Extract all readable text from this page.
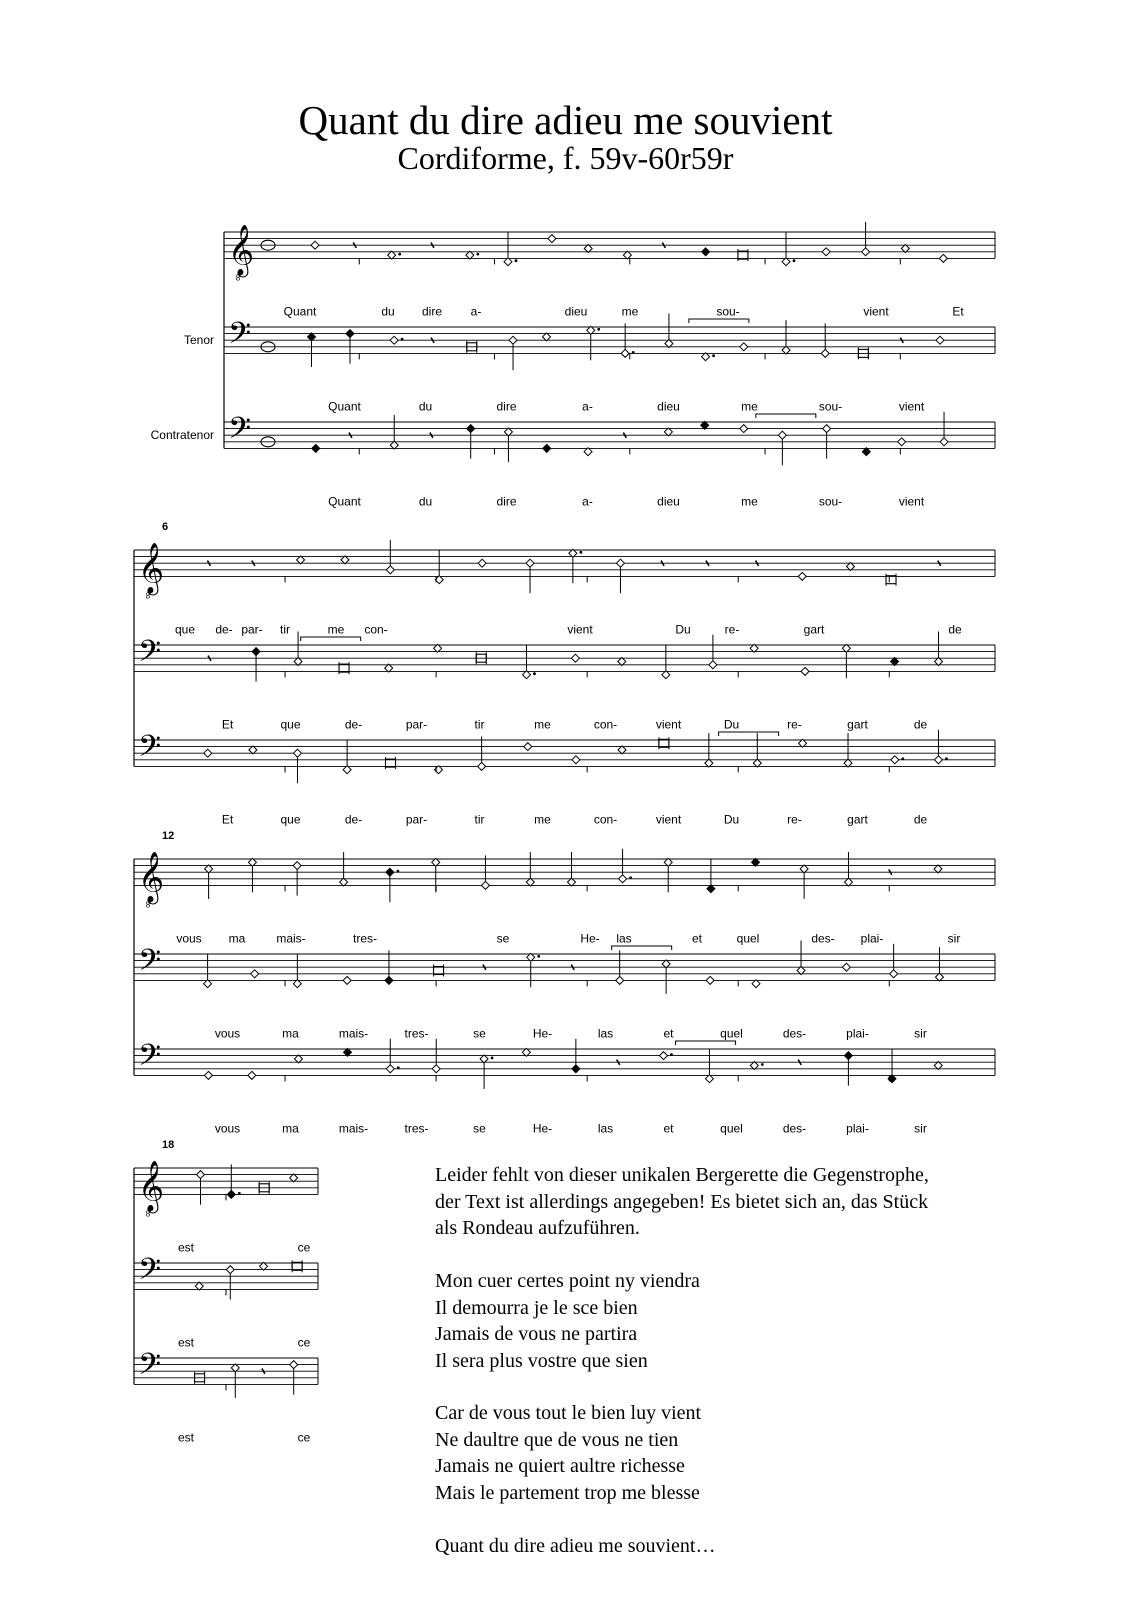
Quant du dire adieu me souvient
Cordiforme, f. 59v-60r59r
𝄞
𝄢
𝄢
8
Quant	du dire a-	dieu	me	sou-	vient	Et
Quant	du	dire	a-	dieu	me	sou-	vient
Quant	du	dire	a-	dieu	me	sou-	vient
Tenor
Contratenor
𝄞
𝄢
𝄢
8
que de- par- tir	me con-	vient	Du	re-	gart	de
Et	que	de-	par-	tir	me	con-	vient	Du	re-	gart	de
Et	que	de-	par-	tir	me	con-	vient	Du	re-	gart	de
6
𝄞
𝄢
𝄢
8
vous ma	mais-	tres-	se	He- las	et	quel	des- plai-	sir
vous	ma	mais-	tres-	se	He-	las	et	quel	des-	plai-	sir
vous	ma	mais-	tres-	se	He-	las	et	quel	des-	plai-	sir
12
𝄞
𝄢
𝄢
8
est	ce
est	ce
est	ce
18
Leider fehlt von dieser unikalen Bergerette die Gegenstrophe,
der Text ist allerdings angegeben! Es bietet sich an, das Stück
als Rondeau aufzuführen.
Mon cuer certes point ny viendra
Il demourra je le sce bien
Jamais de vous ne partira
Il sera plus vostre que sien
Car de vous tout le bien luy vient
Ne daultre que de vous ne tien
Jamais ne quiert aultre richesse
Mais le partement trop me blesse
Quant du dire adieu me souvient…
